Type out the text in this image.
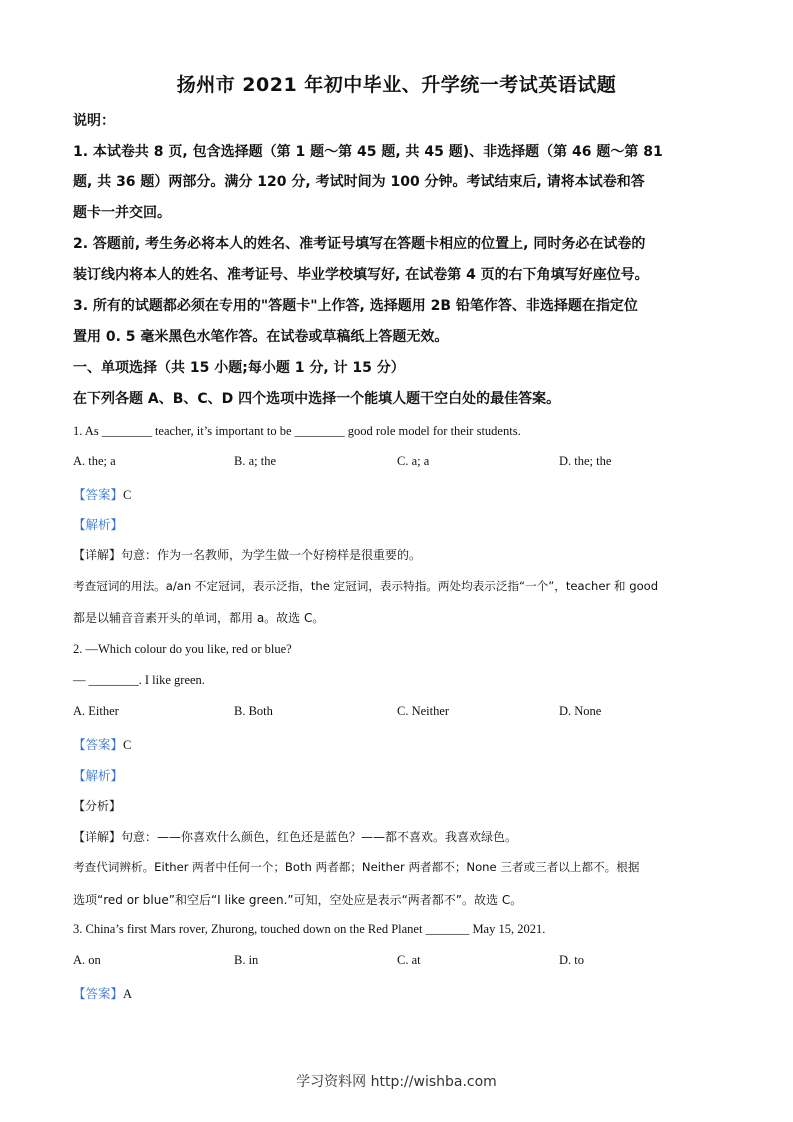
扬州市 2021 年初中毕业、升学统一考试英语试题
说明：
1. 本试卷共 8 页, 包含选择题（第 1 题～第 45 题, 共 45 题)、非选择题（第 46 题～第 81
题, 共 36 题）两部分。满分 120 分, 考试时间为 100 分钟。考试结束后, 请将本试卷和答
题卡一并交回。
2. 答题前, 考生务必将本人的姓名、准考证号填写在答题卡相应的位置上, 同时务必在试卷的
装订线内将本人的姓名、准考证号、毕业学校填写好, 在试卷第 4 页的右下角填写好座位号。
3. 所有的试题都必须在专用的"答题卡"上作答, 选择题用 2B 铅笔作答、非选择题在指定位
置用 0. 5 毫米黑色水笔作答。在试卷或草稿纸上答题无效。
一、单项选择（共 15 小题;每小题 1 分, 计 15 分）
在下列各题 A、B、C、D 四个选项中选择一个能填人题干空白处的最佳答案。
1. As ________ teacher, it’s important to be ________ good role model for their students.
A. the; a	B. a; the	C. a; a	D. the; the
【答案】C
【解析】
【详解】句意：作为一名教师，为学生做一个好榜样是很重要的。
考查冠词的用法。a/an 不定冠词，表示泛指，the 定冠词，表示特指。两处均表示泛指“一个”，teacher 和 good
都是以辅音音素开头的单词，都用 a。故选 C。
2. —Which colour do you like, red or blue?
— ________. I like green.
A. Either	B. Both	C. Neither	D. None
【答案】C
【解析】
【分析】
【详解】句意：——你喜欢什么颜色，红色还是蓝色？——都不喜欢。我喜欢绿色。
考查代词辨析。Either 两者中任何一个；Both 两者都；Neither 两者都不；None 三者或三者以上都不。根据
选项“red or blue”和空后“I like green.”可知，空处应是表示“两者都不”。故选 C。
3. China’s first Mars rover, Zhurong, touched down on the Red Planet _______ May 15, 2021.
A. on	B. in	C. at	D. to
【答案】A
学习资料网 http://wishba.com
